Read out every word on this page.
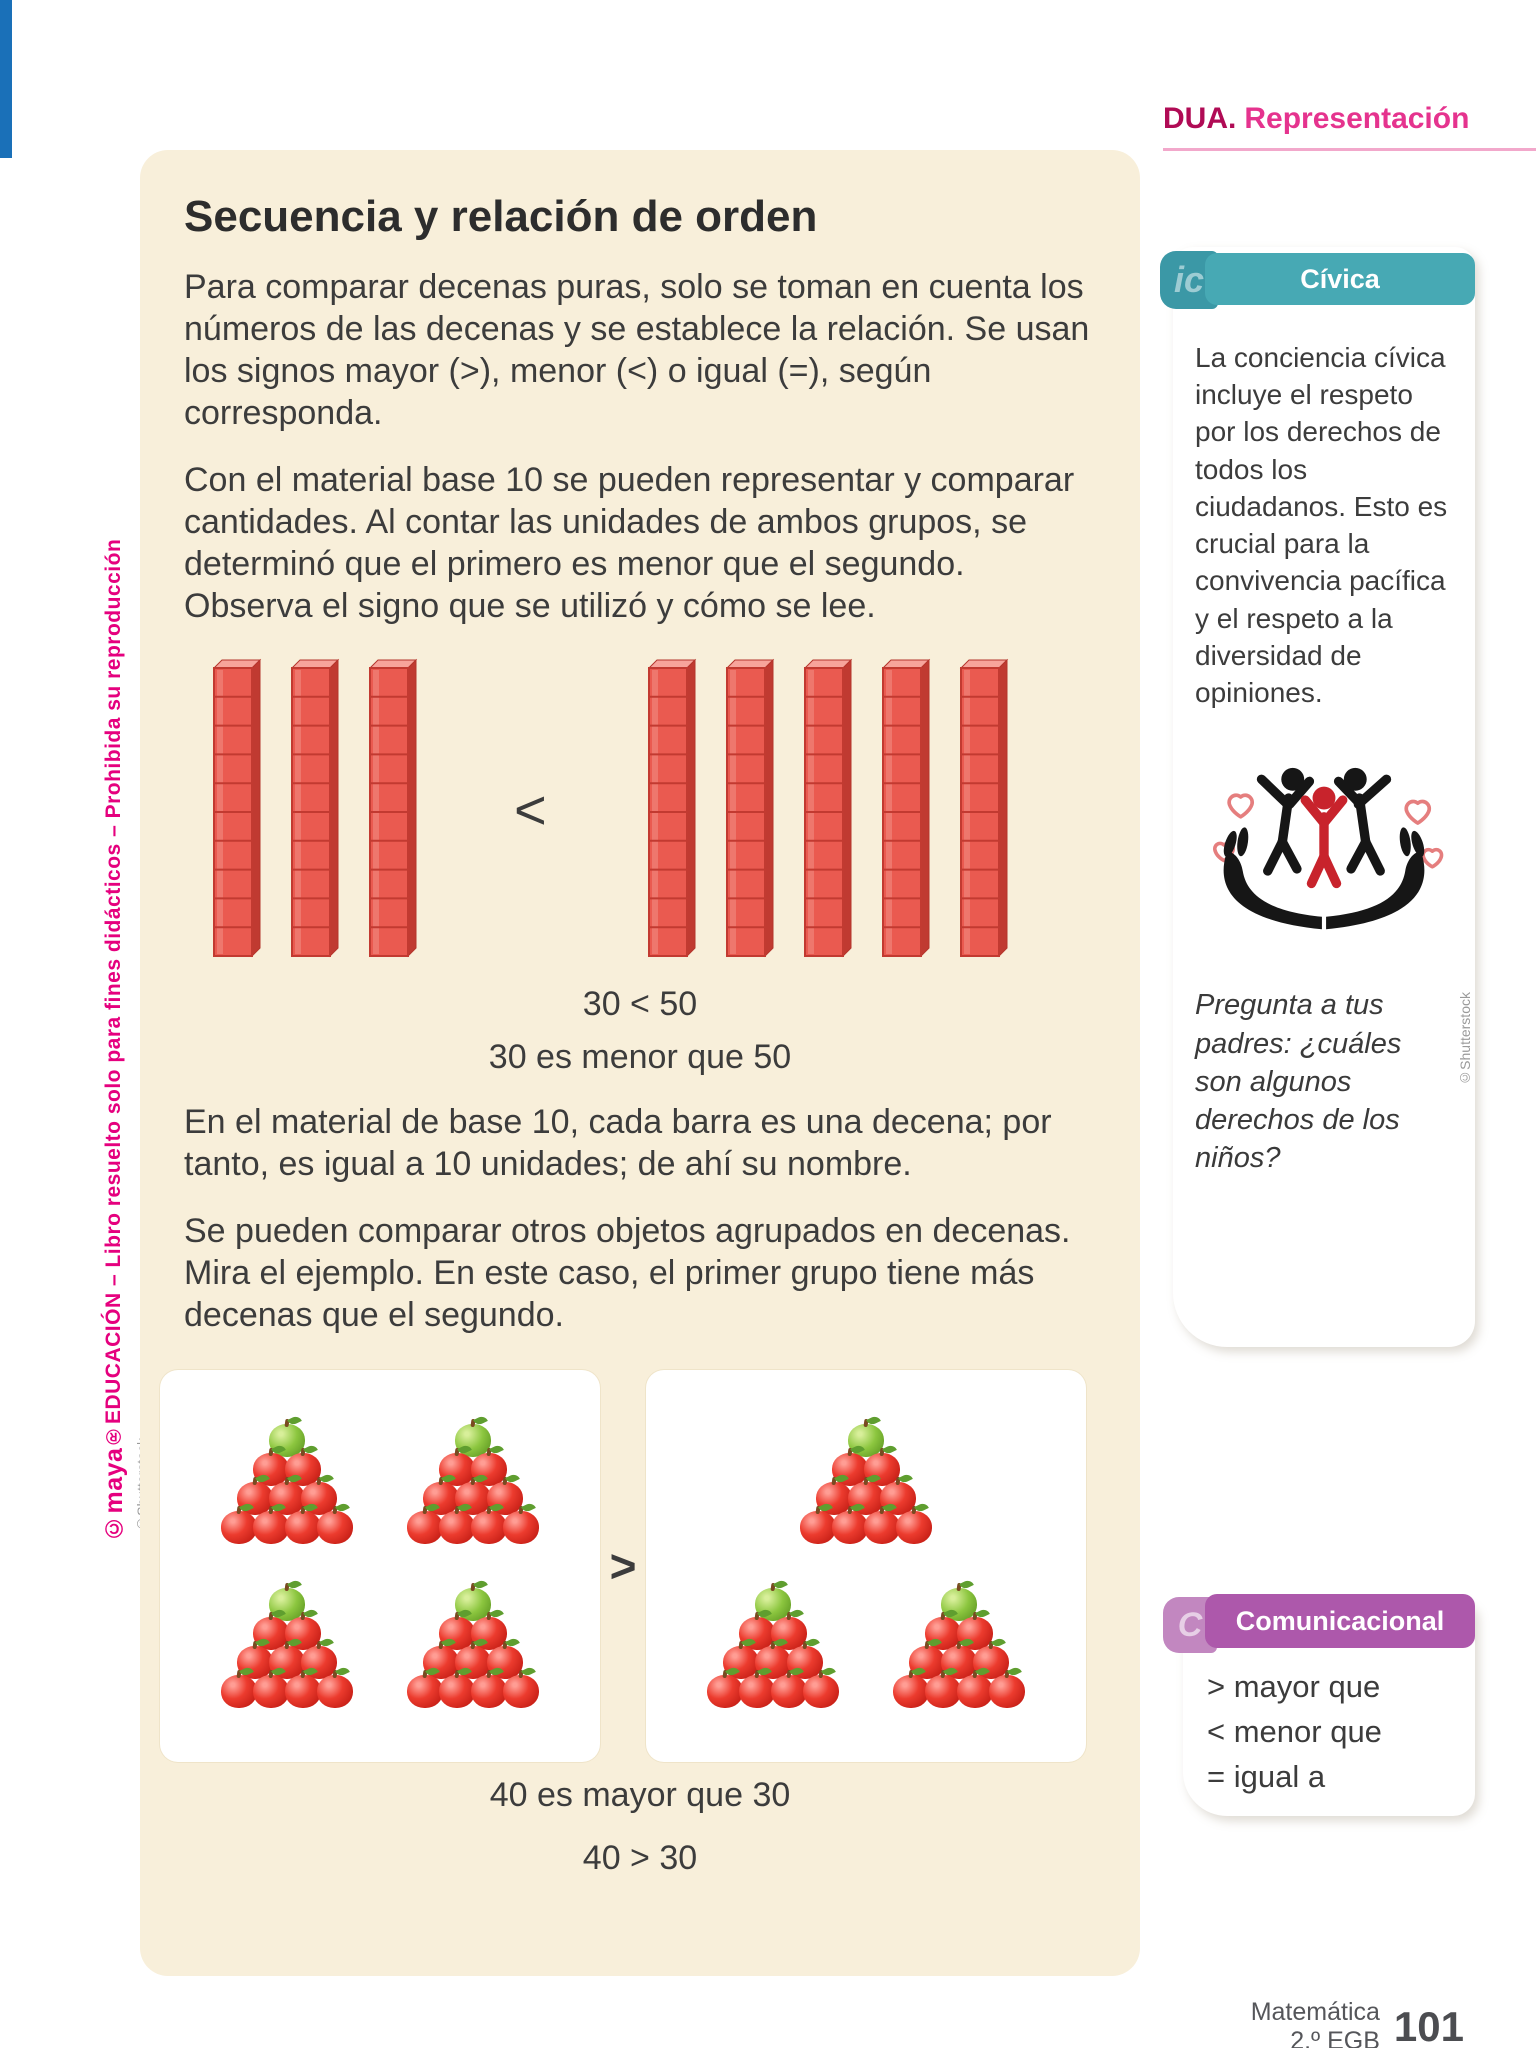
DUA. Representación
©maya®EDUCACIÓN – Libro resuelto solo para fines didácticos – Prohibida su reproducción
Secuencia y relación de orden

Para comparar decenas puras, solo se toman en cuenta los números de las decenas y se establece la relación. Se usan los signos mayor (>), menor (<) o igual (=), según corresponda.

Con el material base 10 se pueden representar y comparar cantidades. Al contar las unidades de ambos grupos, se determinó que el primero es menor que el segundo. Observa el signo que se utilizó y cómo se lee.

<
30 < 50
30 es menor que 50

En el material de base 10, cada barra es una decena; por tanto, es igual a 10 unidades; de ahí su nombre.

Se pueden comparar otros objetos agrupados en decenas. Mira el ejemplo. En este caso, el primer grupo tiene más decenas que el segundo.

>
40 es mayor que 30
40 > 30

La conciencia cívica incluye el respeto por los derechos de todos los ciudadanos. Esto es crucial para la convivencia pacífica y el respeto a la diversidad de opiniones.

©Shutterstock

Pregunta a tus padres: ¿cuáles son algunos derechos de los niños?

ic	Cívica
> mayor que
< menor que
= igual a
C	Comunicacional
Matemática
2.º EGB 101
